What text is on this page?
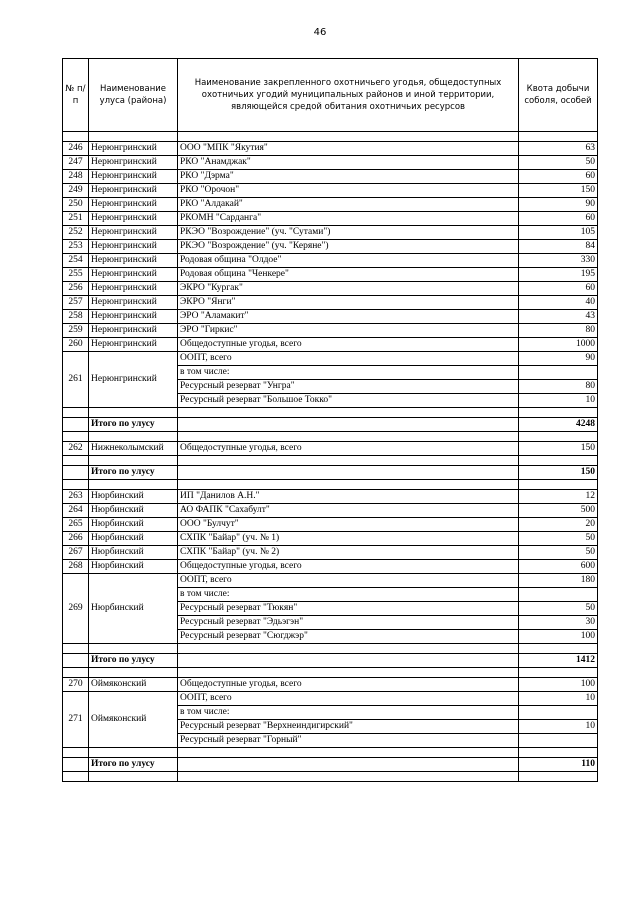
46
№ п/п	Наименование улуса (района)	Наименование закрепленного охотничьего угодья, общедоступных охотничьих угодий муниципальных районов и иной территории, являющейся средой обитания охотничьих ресурсов	Квота добычи соболя, особей

246	Нерюнгринский	ООО "МПК "Якутия"	63
247	Нерюнгринский	РКО "Анамджак"	50
248	Нерюнгринский	РКО "Дэрма"	60
249	Нерюнгринский	РКО "Орочон"	150
250	Нерюнгринский	РКО "Алдакай"	90
251	Нерюнгринский	РКОМН "Сарданга"	60
252	Нерюнгринский	РКЭО "Возрождение" (уч. "Сутами")	105
253	Нерюнгринский	РКЭО "Возрождение" (уч. "Керяне")	84
254	Нерюнгринский	Родовая община "Олдое"	330
255	Нерюнгринский	Родовая община "Ченкере"	195
256	Нерюнгринский	ЭКРО "Кургак"	60
257	Нерюнгринский	ЭКРО "Янги"	40
258	Нерюнгринский	ЭРО "Аламакит"	43
259	Нерюнгринский	ЭРО "Гиркис"	80
260	Нерюнгринский	Общедоступные угодья, всего	1000
261	Нерюнгринский	ООПТ, всего	90
		в том числе:	
		Ресурсный резерват "Унгра"	80
		Ресурсный резерват "Большое Токко"	10

	Итого по улусу		4248

262	Нижнеколымский	Общедоступные угодья, всего	150

	Итого по улусу		150

263	Нюрбинский	ИП "Данилов А.Н."	12
264	Нюрбинский	АО ФАПК "Сахабулт"	500
265	Нюрбинский	ООО "Булчут"	20
266	Нюрбинский	СХПК "Байар" (уч. № 1)	50
267	Нюрбинский	СХПК "Байар" (уч. № 2)	50
268	Нюрбинский	Общедоступные угодья, всего	600
269	Нюрбинский	ООПТ, всего	180
		в том числе:	
		Ресурсный резерват "Тюкян"	50
		Ресурсный резерват "Эдьэгэн"	30
		Ресурсный резерват "Сюгджэр"	100

	Итого по улусу		1412

270	Оймяконский	Общедоступные угодья, всего	100
271	Оймяконский	ООПТ, всего	10
		в том числе:	
		Ресурсный резерват "Верхнеиндигирский"	10
		Ресурсный резерват "Горный"	

	Итого по улусу		110
